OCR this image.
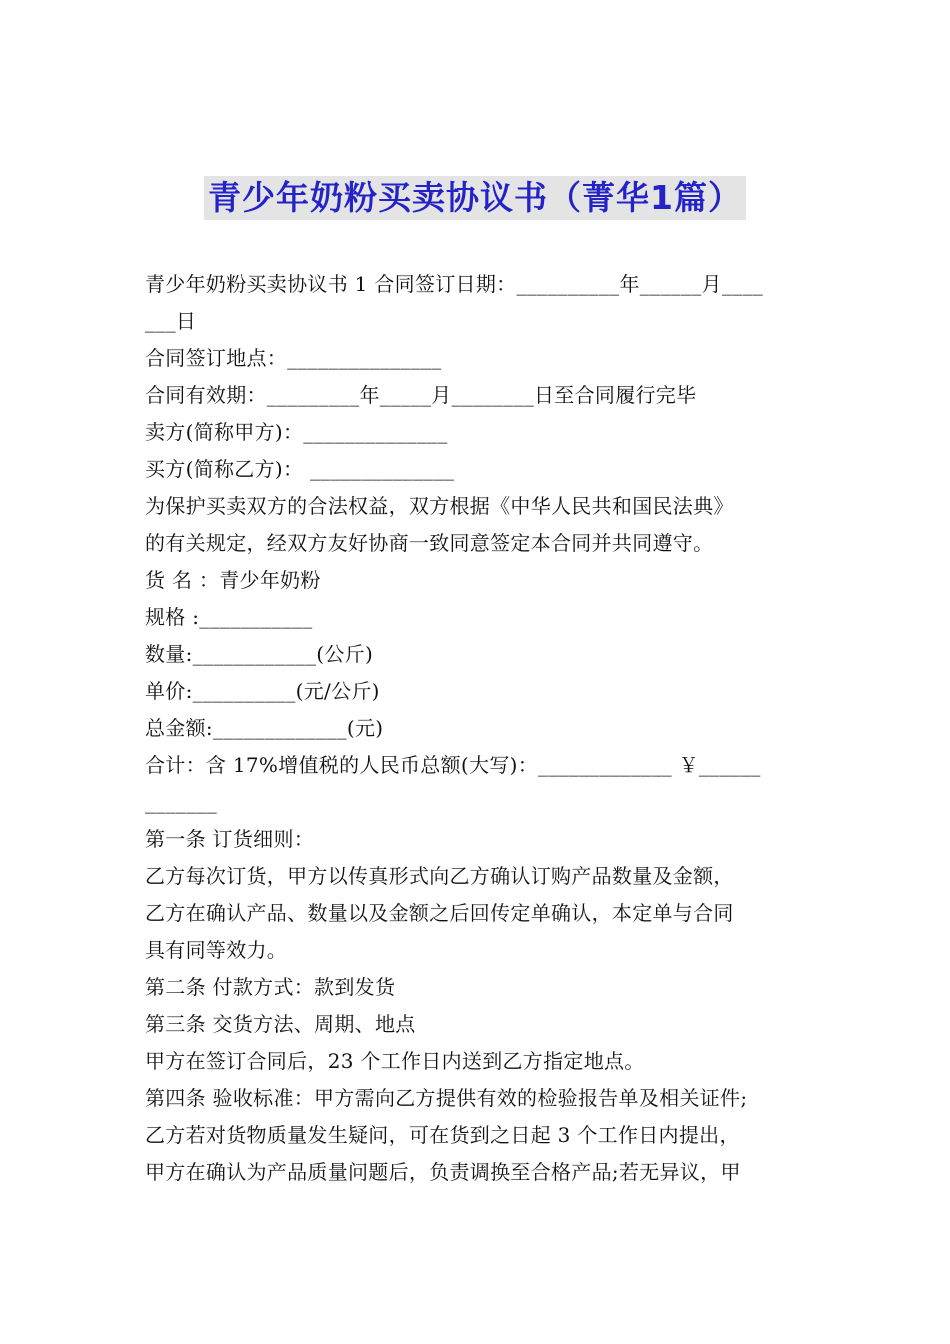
青少年奶粉买卖协议书（菁华1篇）
青少年奶粉买卖协议书 1 合同签订日期：__________年______月____
___日
合同签订地点：_______________
合同有效期：_________年_____月________日至合同履行完毕
卖方(简称甲方)：______________
买方(简称乙方)： ______________
为保护买卖双方的合法权益，双方根据《中华人民共和国民法典》
的有关规定，经双方友好协商一致同意签定本合同并共同遵守。
货 名 ：青少年奶粉
规格 :___________
数量:____________(公斤)
单价:__________(元/公斤)
总金额:_____________(元)
合计：含 17%增值税的人民币总额(大写)：_____________ ￥______
_______
第一条 订货细则：
乙方每次订货，甲方以传真形式向乙方确认订购产品数量及金额，
乙方在确认产品、数量以及金额之后回传定单确认，本定单与合同
具有同等效力。
第二条 付款方式：款到发货
第三条 交货方法、周期、地点
甲方在签订合同后，23 个工作日内送到乙方指定地点。
第四条 验收标准：甲方需向乙方提供有效的检验报告单及相关证件;
乙方若对货物质量发生疑问，可在货到之日起 3 个工作日内提出，
甲方在确认为产品质量问题后，负责调换至合格产品;若无异议，甲
